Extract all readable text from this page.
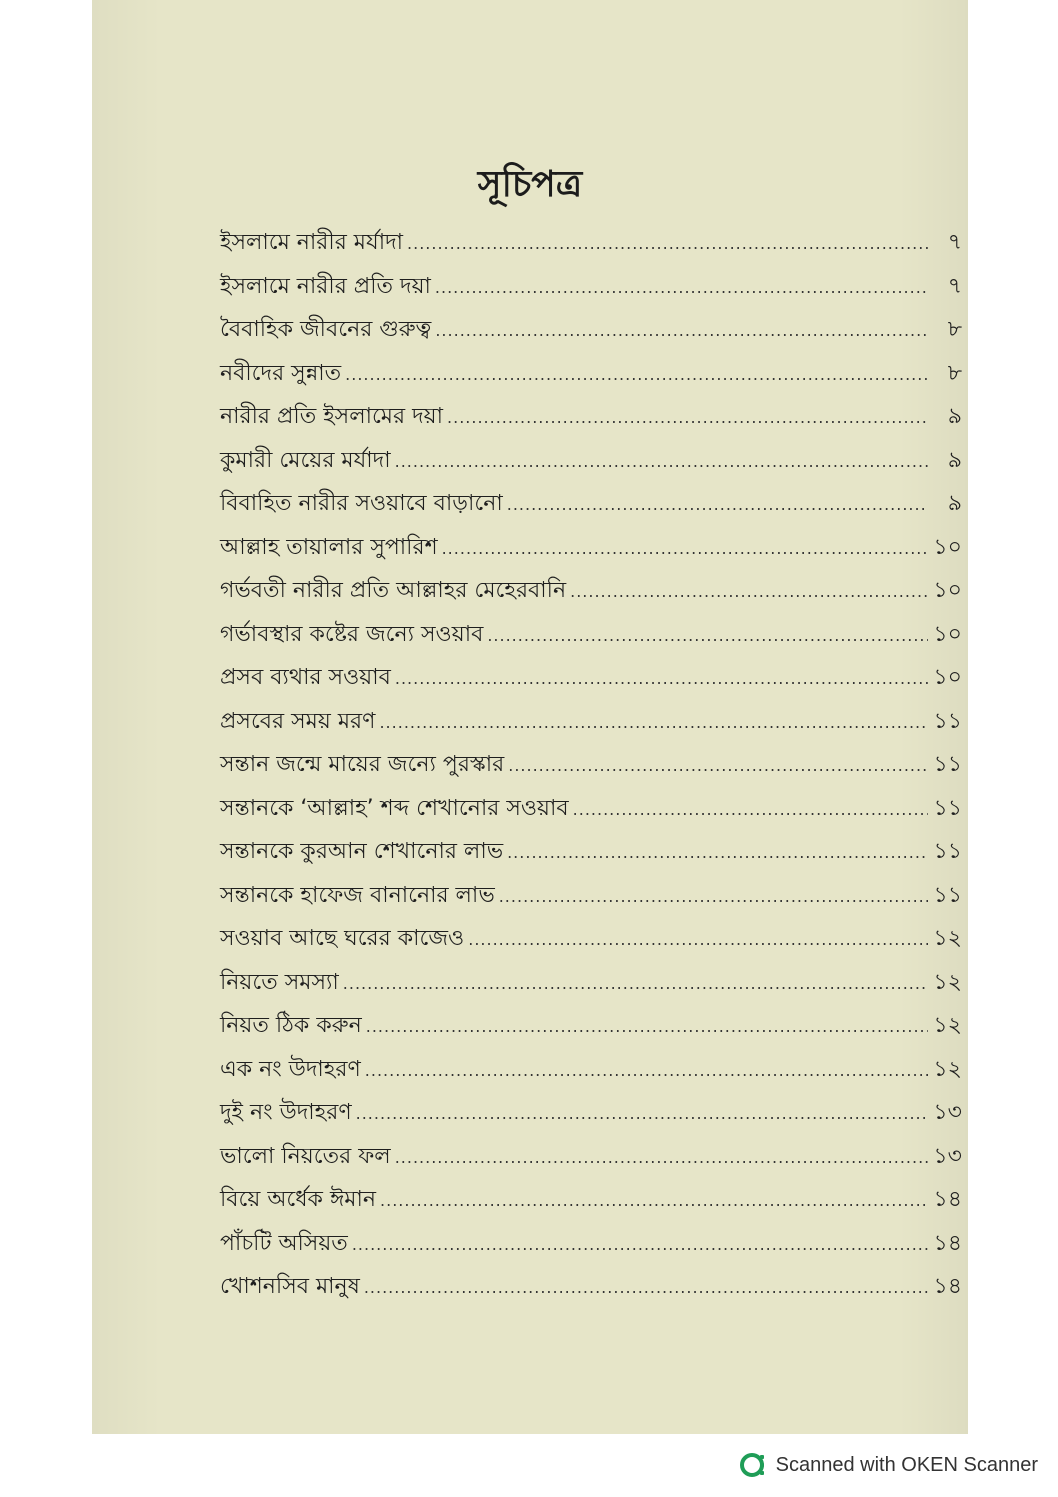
সূচিপত্র
ইসলামে নারীর মর্যাদা .....	৭
ইসলামে নারীর প্রতি দয়া .....	৭
বৈবাহিক জীবনের গুরুত্ব .....	৮
নবীদের সুন্নাত .....	৮
নারীর প্রতি ইসলামের দয়া .....	৯
কুমারী মেয়ের মর্যাদা .....	৯
বিবাহিত নারীর সওয়াবে বাড়ানো .....	৯
আল্লাহ তায়ালার সুপারিশ .....	১০
গর্ভবতী নারীর প্রতি আল্লাহর মেহেরবানি .....	১০
গর্ভাবস্থার কষ্টের জন্যে সওয়াব .....	১০
প্রসব ব্যথার সওয়াব .....	১০
প্রসবের সময় মরণ .....	১১
সন্তান জন্মে মায়ের জন্যে পুরস্কার .....	১১
সন্তানকে ‘আল্লাহ’ শব্দ শেখানোর সওয়াব .....	১১
সন্তানকে কুরআন শেখানোর লাভ .....	১১
সন্তানকে হাফেজ বানানোর লাভ .....	১১
সওয়াব আছে ঘরের কাজেও .....	১২
নিয়তে সমস্যা .....	১২
নিয়ত ঠিক করুন .....	১২
এক নং উদাহরণ .....	১২
দুই নং উদাহরণ .....	১৩
ভালো নিয়তের ফল .....	১৩
বিয়ে অর্ধেক ঈমান .....	১৪
পাঁচটি অসিয়ত .....	১৪
খোশনসিব মানুষ .....	১৪
Scanned with OKEN Scanner
